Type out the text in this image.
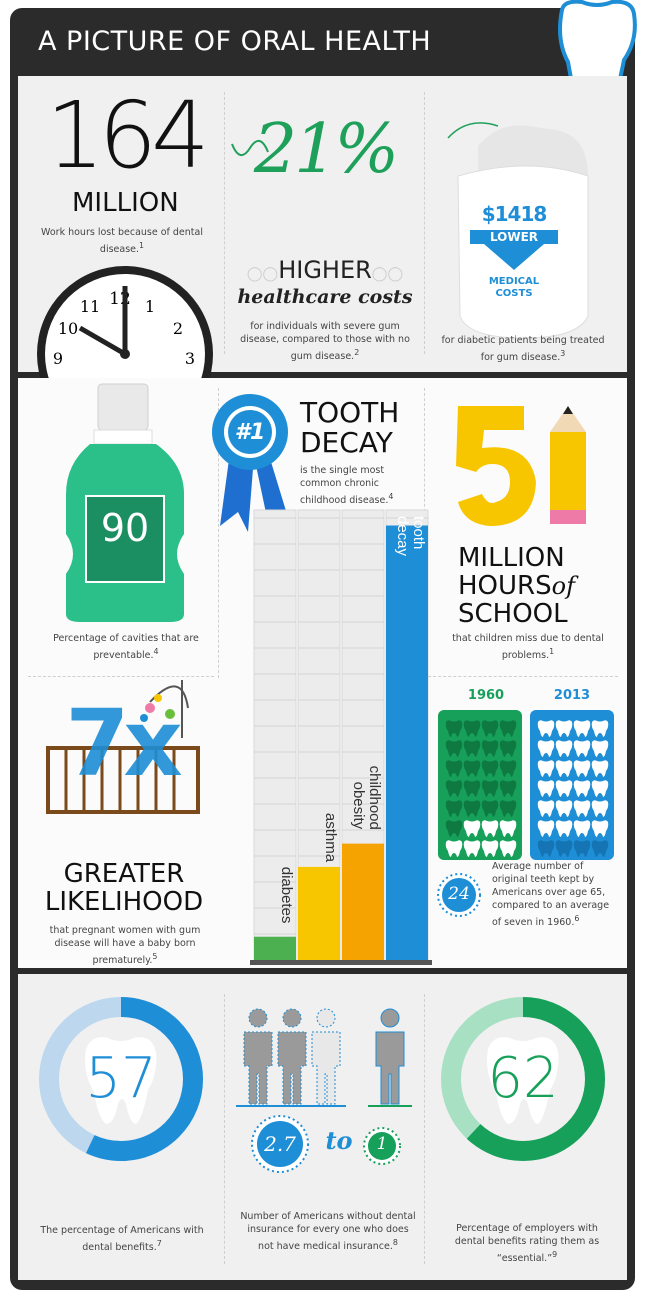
A PICTURE OF ORAL HEALTH
164
MILLION
Work hours lost because of dental disease.$^1$
12
11	1
10	2
9	3
21%
◯◯HIGHER◯◯
healthcare costs
for individuals with severe gum disease, compared to those with no gum disease.$^2$
$1418
LOWER
MEDICAL COSTS
for diabetic patients being treated for gum disease.$^3$
90
Percentage of cavities that are preventable.$^4$
#1
TOOTH
DECAY
is the single most common chronic childhood disease.$^4$
diabetes
asthma
childhood
obesity
tooth
decay
MILLION
HOURSof
SCHOOL
that children miss due to dental problems.$^1$
7x
GREATER
LIKELIHOOD
that pregnant women with gum disease will have a baby born prematurely.$^5$
1960	2013
24
Average number of original teeth kept by Americans over age 65, compared to an average of seven in 1960.$^6$
57
The percentage of Americans with dental benefits.$^7$
2.7	to	1
Number of Americans without dental insurance for every one who does not have medical insurance.$^8$
62
Percentage of employers with dental benefits rating them as “essential.”$^9$
